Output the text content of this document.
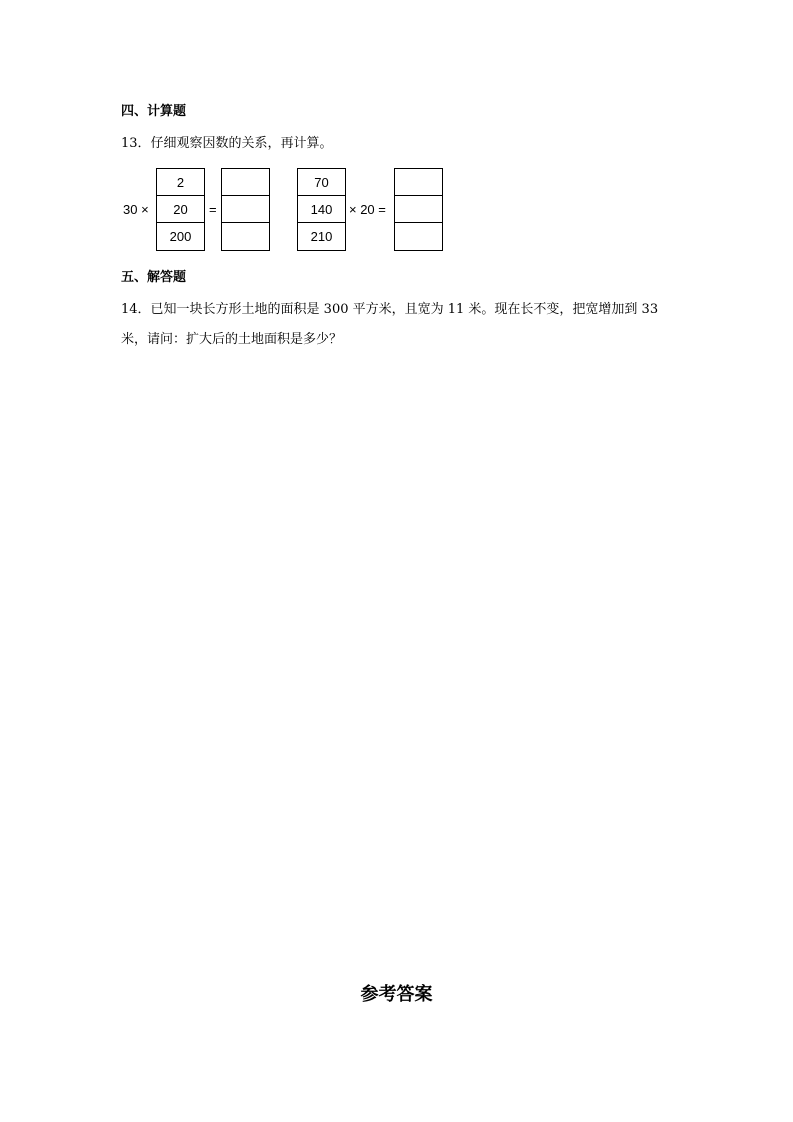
四、计算题
13．仔细观察因数的关系，再计算。
30 ×
2
20
200
=
70
140
210
× 20 =
五、解答题
14．已知一块长方形土地的面积是 300 平方米，且宽为 11 米。现在长不变，把宽增加到 33
米，请问：扩大后的土地面积是多少？
参考答案
